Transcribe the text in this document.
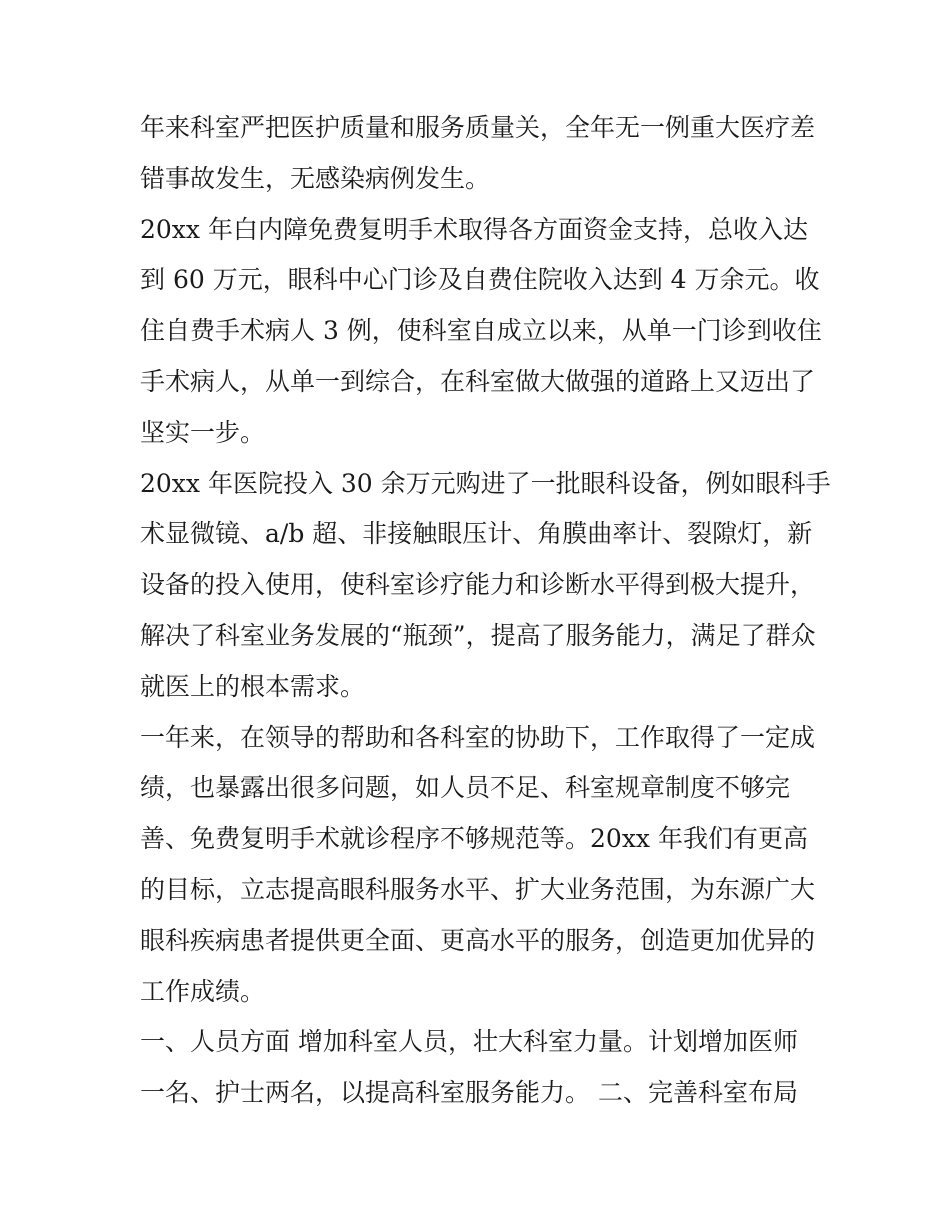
年来科室严把医护质量和服务质量关，全年无一例重大医疗差
错事故发生，无感染病例发生。

20xx 年白内障免费复明手术取得各方面资金支持，总收入达
到 60 万元，眼科中心门诊及自费住院收入达到 4 万余元。收
住自费手术病人 3 例，使科室自成立以来，从单一门诊到收住
手术病人，从单一到综合，在科室做大做强的道路上又迈出了
坚实一步。

20xx 年医院投入 30 余万元购进了一批眼科设备，例如眼科手
术显微镜、a/b 超、非接触眼压计、角膜曲率计、裂隙灯，新
设备的投入使用，使科室诊疗能力和诊断水平得到极大提升，
解决了科室业务发展的“瓶颈”，提高了服务能力，满足了群众
就医上的根本需求。

一年来，在领导的帮助和各科室的协助下，工作取得了一定成
绩，也暴露出很多问题，如人员不足、科室规章制度不够完
善、免费复明手术就诊程序不够规范等。20xx 年我们有更高
的目标，立志提高眼科服务水平、扩大业务范围，为东源广大
眼科疾病患者提供更全面、更高水平的服务，创造更加优异的
工作成绩。

一、人员方面 增加科室人员，壮大科室力量。计划增加医师
一名、护士两名，以提高科室服务能力。 二、完善科室布局
